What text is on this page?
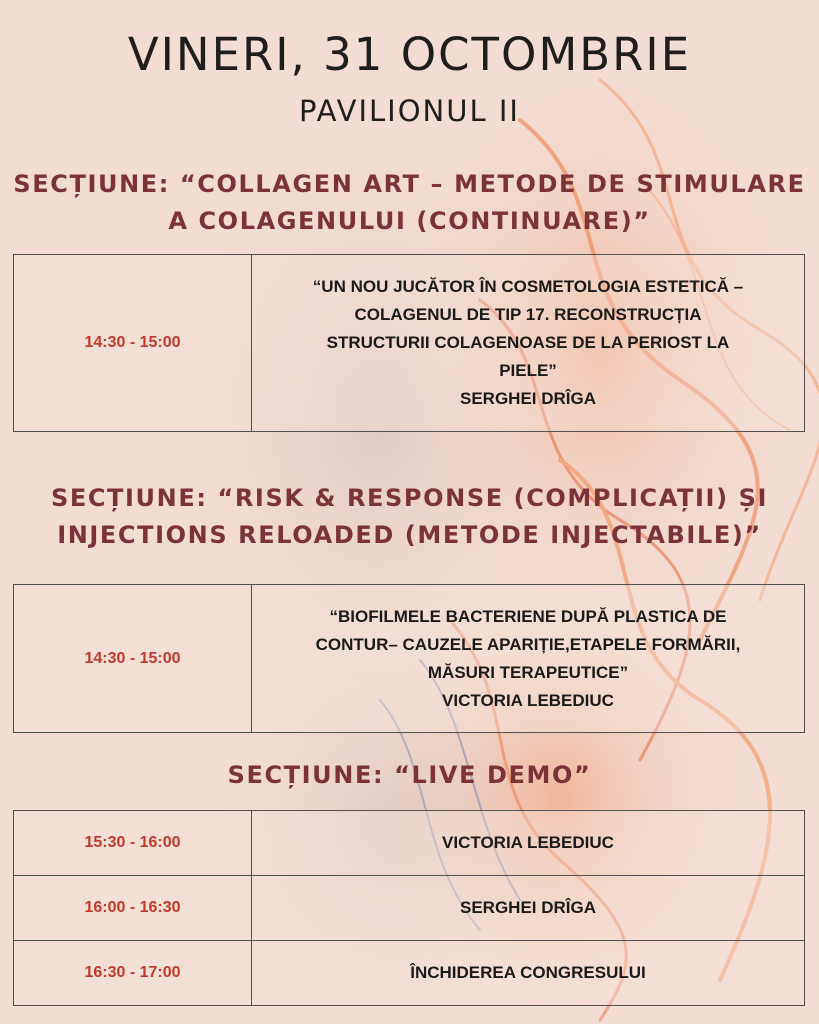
VINERI, 31 OCTOMBRIE
PAVILIONUL II
SECȚIUNE: “COLLAGEN ART – METODE DE STIMULARE A COLAGENULUI (CONTINUARE)”
14:30 - 15:00	
“UN NOU JUCĂTOR ÎN COSMETOLOGIA ESTETICĂ –
COLAGENUL DE TIP 17. RECONSTRUCȚIA
STRUCTURII COLAGENOASE DE LA PERIOST LA
PIELE”
SERGHEI DRÎGA
SECȚIUNE: “RISK & RESPONSE (COMPLICAȚII) ȘI INJECTIONS RELOADED (METODE INJECTABILE)”
14:30 - 15:00	
“BIOFILMELE BACTERIENE DUPĂ PLASTICA DE
CONTUR– CAUZELE APARIȚIE,ETAPELE FORMĂRII,
MĂSURI TERAPEUTICE”
VICTORIA LEBEDIUC
SECȚIUNE: “LIVE DEMO”
15:30 - 16:00	VICTORIA LEBEDIUC
16:00 - 16:30	SERGHEI DRÎGA
16:30 - 17:00	ÎNCHIDEREA CONGRESULUI
